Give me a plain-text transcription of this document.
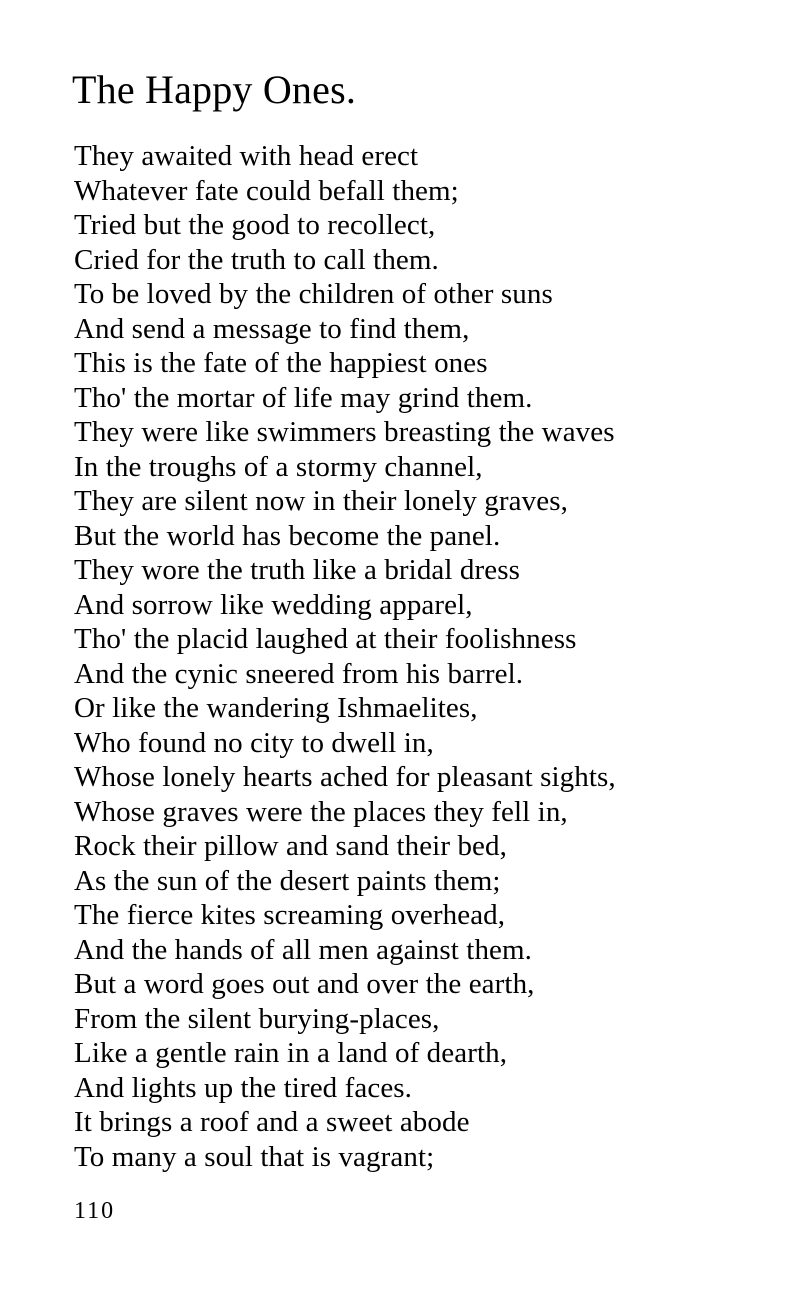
The Happy Ones.
They awaited with head erect
Whatever fate could befall them;
Tried but the good to recollect,
Cried for the truth to call them.
To be loved by the children of other suns
And send a message to find them,
This is the fate of the happiest ones
Tho' the mortar of life may grind them.
They were like swimmers breasting the waves
In the troughs of a stormy channel,
They are silent now in their lonely graves,
But the world has become the panel.
They wore the truth like a bridal dress
And sorrow like wedding apparel,
Tho' the placid laughed at their foolishness
And the cynic sneered from his barrel.
Or like the wandering Ishmaelites,
Who found no city to dwell in,
Whose lonely hearts ached for pleasant sights,
Whose graves were the places they fell in,
Rock their pillow and sand their bed,
As the sun of the desert paints them;
The fierce kites screaming overhead,
And the hands of all men against them.
But a word goes out and over the earth,
From the silent burying-places,
Like a gentle rain in a land of dearth,
And lights up the tired faces.
It brings a roof and a sweet abode
To many a soul that is vagrant;
110
